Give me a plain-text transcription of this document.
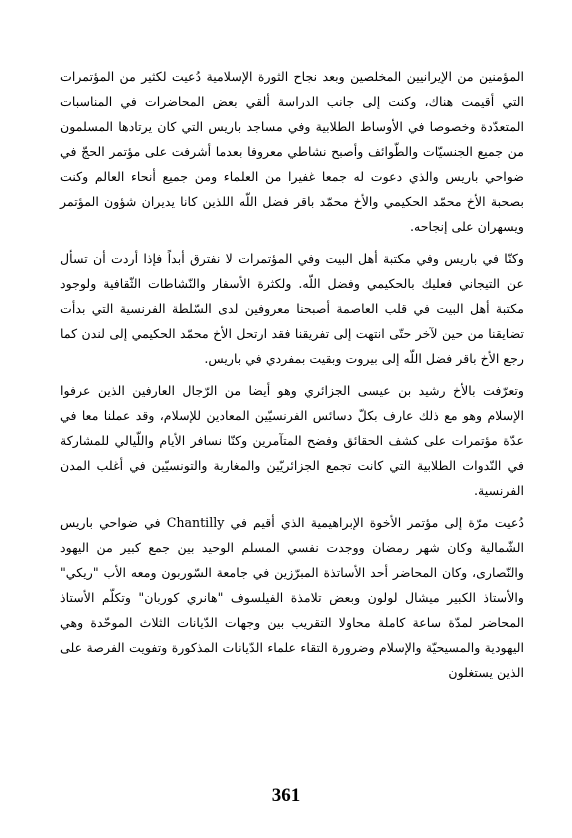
المؤمنين من الإيرانيين المخلصين وبعد نجاح الثورة الإسلامية دُعيت لكثير من المؤتمرات التي أقيمت هناك، وكنت إلى جانب الدراسة ألقي بعض المحاضرات في المناسبات المتعدّدة وخصوصا في الأوساط الطلابية وفي مساجد باريس التي كان يرتادها المسلمون من جميع الجنسيّات والطّوائف وأصبح نشاطي معروفا بعدما أشرفت على مؤتمر الحجّ في ضواحي باريس والذي دعوت له جمعا غفيرا من العلماء ومن جميع أنحاء العالم وكنت بصحبة الأخ محمّد الحكيمي والأخ محمّد باقر فضل اللّه اللذين كانا يديران شؤون المؤتمر ويسهران على إنجاحه.

وكنّا في باريس وفي مكتبة أهل البيت وفي المؤتمرات لا نفترق أبداً فإذا أردت أن تسأل عن التيجاني فعليك بالحكيمي وفضل اللّه. ولكثرة الأسفار والنّشاطات الثّقافية ولوجود مكتبة أهل البيت في قلب العاصمة أصبحنا معروفين لدى السّلطة الفرنسية التي بدأت تضايقنا من حين لآخر حتّى انتهت إلى تفريقنا فقد ارتحل الأخ محمّد الحكيمي إلى لندن كما رجع الأخ باقر فضل اللّه إلى بيروت وبقيت بمفردي في باريس.

وتعرّفت بالأخ رشيد بن عيسى الجزائري وهو أيضا من الرّجال العارفين الذين عرفوا الإسلام وهو مع ذلك عارف بكلّ دسائس الفرنسيّين المعادين للإسلام، وقد عملنا معا في عدّة مؤتمرات على كشف الحقائق وفضح المتآمرين وكنّا نسافر الأيام واللّيالي للمشاركة في النّدوات الطلابية التي كانت تجمع الجزائريّين والمغاربة والتونسيّين في أغلب المدن الفرنسية.

دُعيت مرّة إلى مؤتمر الأخوة الإبراهيمية الذي أقيم في Chantilly في ضواحي باريس الشّمالية وكان شهر رمضان ووجدت نفسي المسلم الوحيد بين جمع كبير من اليهود والنّصارى، وكان المحاضر أحد الأساتذة المبرّزين في جامعة السّوربون ومعه الأب "ريكي" والأستاذ الكبير ميشال لولون وبعض تلامذة الفيلسوف "هانري كوربان" وتكلّم الأستاذ المحاضر لمدّة ساعة كاملة محاولا التقريب بين وجهات الدّيانات الثلاث الموحّدة وهي اليهودية والمسيحيّة والإسلام وضرورة التقاء علماء الدّيانات المذكورة وتفويت الفرصة على الذين يستغلون

361
